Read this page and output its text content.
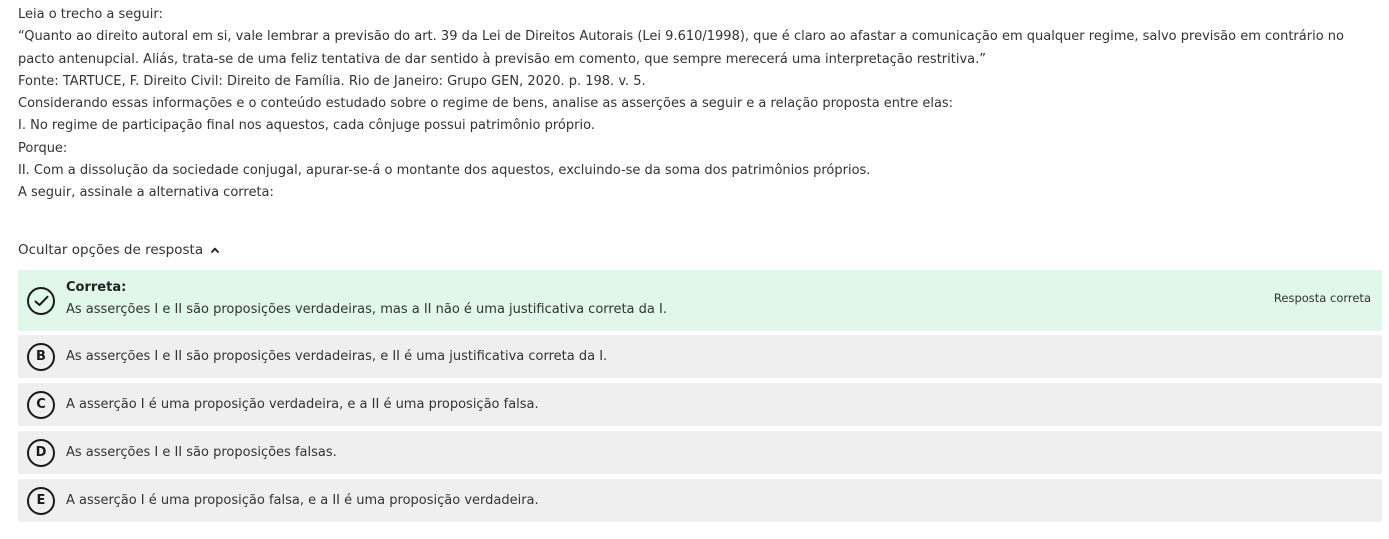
Leia o trecho a seguir:

“Quanto ao direito autoral em si, vale lembrar a previsão do art. 39 da Lei de Direitos Autorais (Lei 9.610/1998), que é claro ao afastar a comunicação em qualquer regime, salvo previsão em contrário no pacto antenupcial. Aliás, trata-se de uma feliz tentativa de dar sentido à previsão em comento, que sempre merecerá uma interpretação restritiva.”

Fonte: TARTUCE, F. Direito Civil: Direito de Família. Rio de Janeiro: Grupo GEN, 2020. p. 198. v. 5.

Considerando essas informações e o conteúdo estudado sobre o regime de bens, analise as asserções a seguir e a relação proposta entre elas:

I. No regime de participação final nos aquestos, cada cônjuge possui patrimônio próprio.

Porque:

II. Com a dissolução da sociedade conjugal, apurar-se-á o montante dos aquestos, excluindo-se da soma dos patrimônios próprios.

A seguir, assinale a alternativa correta:

Ocultar opções de resposta
Correta:
As asserções I e II são proposições verdadeiras, mas a II não é uma justificativa correta da I.
Resposta correta
B	As asserções I e II são proposições verdadeiras, e II é uma justificativa correta da I.
C	A asserção I é uma proposição verdadeira, e a II é uma proposição falsa.
D	As asserções I e II são proposições falsas.
E	A asserção I é uma proposição falsa, e a II é uma proposição verdadeira.
